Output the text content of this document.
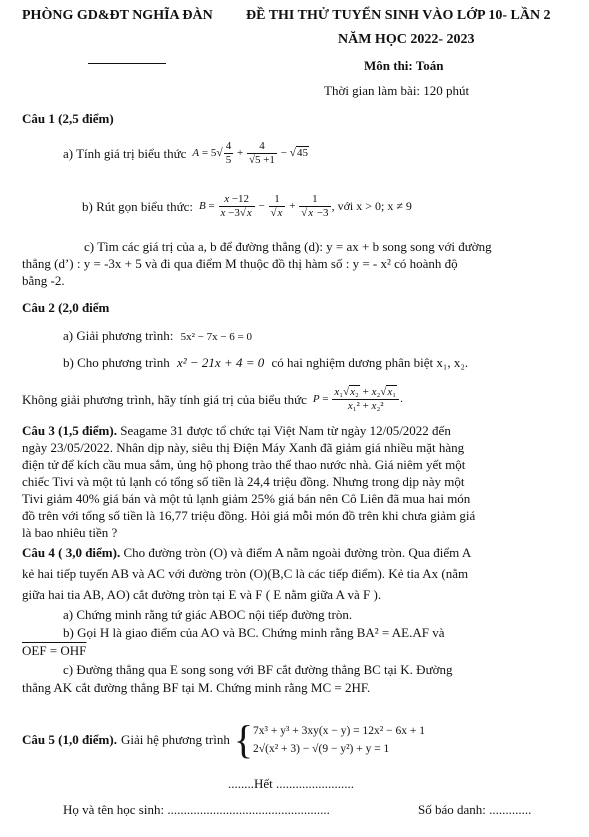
PHÒNG GD&ĐT NGHĨA ĐÀN ĐỀ THI THỬ TUYỂN SINH VÀO LỚP 10- LẦN 2
NĂM HỌC 2022- 2023
Môn thi: Toán
Thời gian làm bài: 120 phút
Câu 1 (2,5 điểm)
a) Tính giá trị biểu thức $A = 5√ \frac{4}{5} + \frac{4}{√5 +1} - √45$
b) Rút gọn biểu thức: $B = \frac{x -12}{x -3√x} - \frac{1}{√x} + \frac{1}{√x -3}$ , với x > 0; x ≠ 9
c) Tìm các giá trị của a, b để đường thẳng (d): y = ax + b song song với đường
thẳng (d’) : y = -3x + 5 và đi qua điểm M thuộc đồ thị hàm số : y = - x² có hoành độ
bằng -2.
Câu 2 (2,0 điểm
a) Giải phương trình: 5x² − 7x − 6 = 0
b) Cho phương trình x² − 21x + 4 = 0 có hai nghiệm dương phân biệt x₁, x₂.
Không giải phương trình, hãy tính giá trị của biểu thức $P = \frac{\text{x₁√x₂ + x₂√x₁}}{\text{x₁² + x₂²}}$ .
Câu 3 (1,5 điểm). Seagame 31 được tổ chức tại Việt Nam từ ngày 12/05/2022 đến
ngày 23/05/2022. Nhân dịp này, siêu thị Điện Máy Xanh đã giảm giá nhiều mặt hàng
điện tử để kích cầu mua sắm, ủng hộ phong trào thể thao nước nhà. Giá niêm yết một
chiếc Tivi và một tủ lạnh có tổng số tiền là 24,4 triệu đồng. Nhưng trong dịp này một
Tivi giảm 40% giá bán và một tủ lạnh giảm 25% giá bán nên Cô Liên đã mua hai món
đồ trên với tổng số tiền là 16,77 triệu đồng. Hỏi giá mỗi món đồ trên khi chưa giảm giá
là bao nhiêu tiền ?
Câu 4 ( 3,0 điểm). Cho đường tròn (O) và điểm A nằm ngoài đường tròn. Qua điểm A
kẻ hai tiếp tuyến AB và AC với đường tròn (O)(B,C là các tiếp điểm). Kẻ tia Ax (nằm
giữa hai tia AB, AO) cắt đường tròn tại E và F ( E nằm giữa A và F ).
a) Chứng minh rằng tứ giác ABOC nội tiếp đường tròn.
b) Gọi H là giao điểm của AO và BC. Chứng minh rằng BA² = AE.AF và
OEF = OHF
c) Đường thẳng qua E song song với BF cắt đường thẳng BC tại K. Đường
thẳng AK cắt đường thẳng BF tại M. Chứng minh rằng MC = 2HF.
Câu 5 (1,0 điểm). Giải hệ phương trình { 7x³ + y³ + 3xy(x − y) = 12x² − 6x + 1
2√(x² + 3) − √(9 − y²) + y = 1
........Hết ........................
Họ và tên học sinh: ..................................................	Số báo danh: .............
